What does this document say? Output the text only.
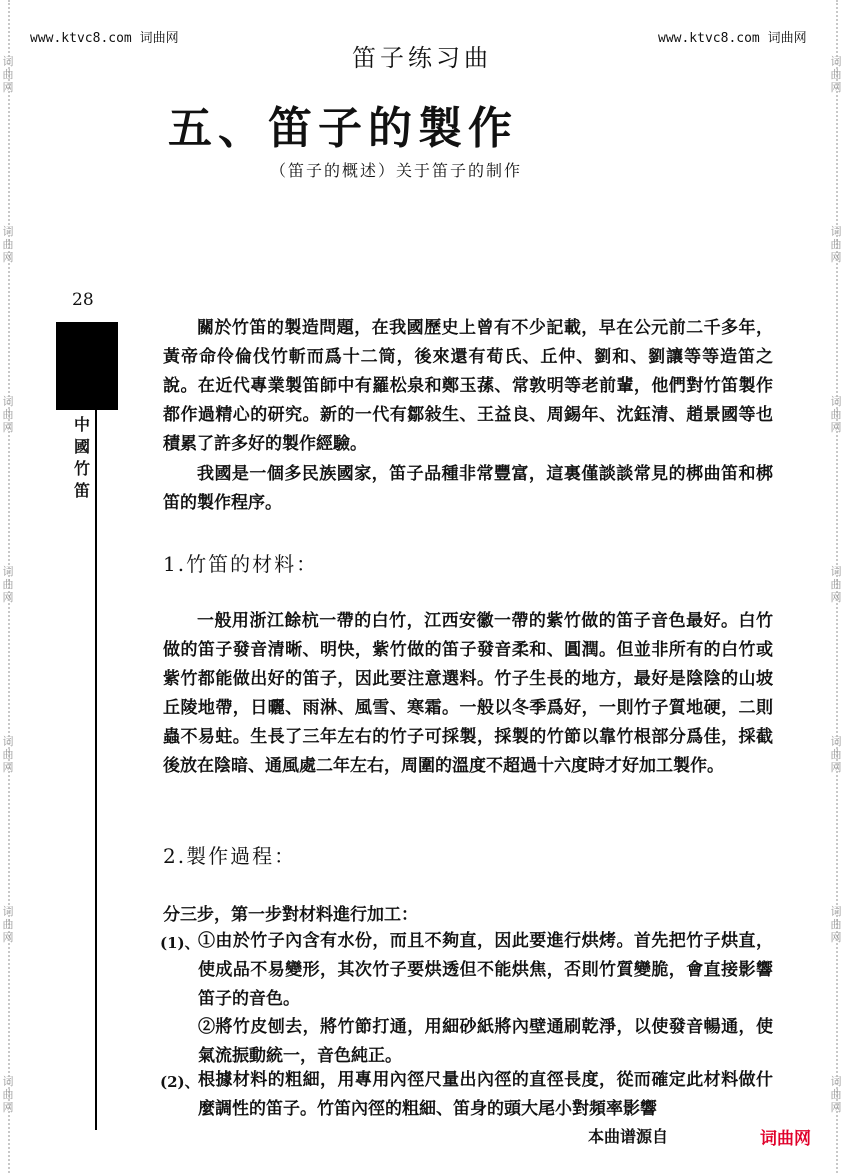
词
曲
网
词
曲
网
词
曲
网
词
曲
网
词
曲
网
词
曲
网
词
曲
网
词
曲
网
词
曲
网
词
曲
网
词
曲
网
词
曲
网
词
曲
网
词
曲
网
www.ktvc8.com 词曲网	www.ktvc8.com 词曲网
笛子练习曲
五、笛子的製作
（笛子的概述）关于笛子的制作
28
中國竹笛
關於竹笛的製造問題，在我國歷史上曾有不少記載，早在公元前二千多年，黃帝命伶倫伐竹斬而爲十二筒，後來還有荀氏、丘仲、劉和、劉讓等等造笛之說。在近代專業製笛師中有羅松泉和鄭玉蓀、常敦明等老前輩，他們對竹笛製作都作過精心的研究。新的一代有鄒敍生、王益良、周錫年、沈鈺清、趙景國等也積累了許多好的製作經驗。
我國是一個多民族國家，笛子品種非常豐富，這裏僅談談常見的梆曲笛和梆笛的製作程序。
1.竹笛的材料：
一般用浙江餘杭一帶的白竹，江西安徽一帶的紫竹做的笛子音色最好。白竹做的笛子發音清晰、明快，紫竹做的笛子發音柔和、圓潤。但並非所有的白竹或紫竹都能做出好的笛子，因此要注意選料。竹子生長的地方，最好是陰陰的山坡丘陵地帶，日曬、雨淋、風雪、寒霜。一般以冬季爲好，一則竹子質地硬，二則蟲不易蛀。生長了三年左右的竹子可採製，採製的竹節以靠竹根部分爲佳，採截後放在陰暗、通風處二年左右，周圍的溫度不超過十六度時才好加工製作。
2.製作過程：
分三步，第一步對材料進行加工：
(1)、
①由於竹子內含有水份，而且不夠直，因此要進行烘烤。首先把竹子烘直，使成品不易變形，其次竹子要烘透但不能烘焦，否則竹質變脆，會直接影響笛子的音色。
②將竹皮刨去，將竹節打通，用細砂紙將內壁通刷乾淨，以使發音暢通，使氣流振動統一，音色純正。
(2)、
根據材料的粗細，用專用內徑尺量出內徑的直徑長度，從而確定此材料做什麼調性的笛子。竹笛內徑的粗細、笛身的頭大尾小對頻率影響
本曲谱源自	词曲网
